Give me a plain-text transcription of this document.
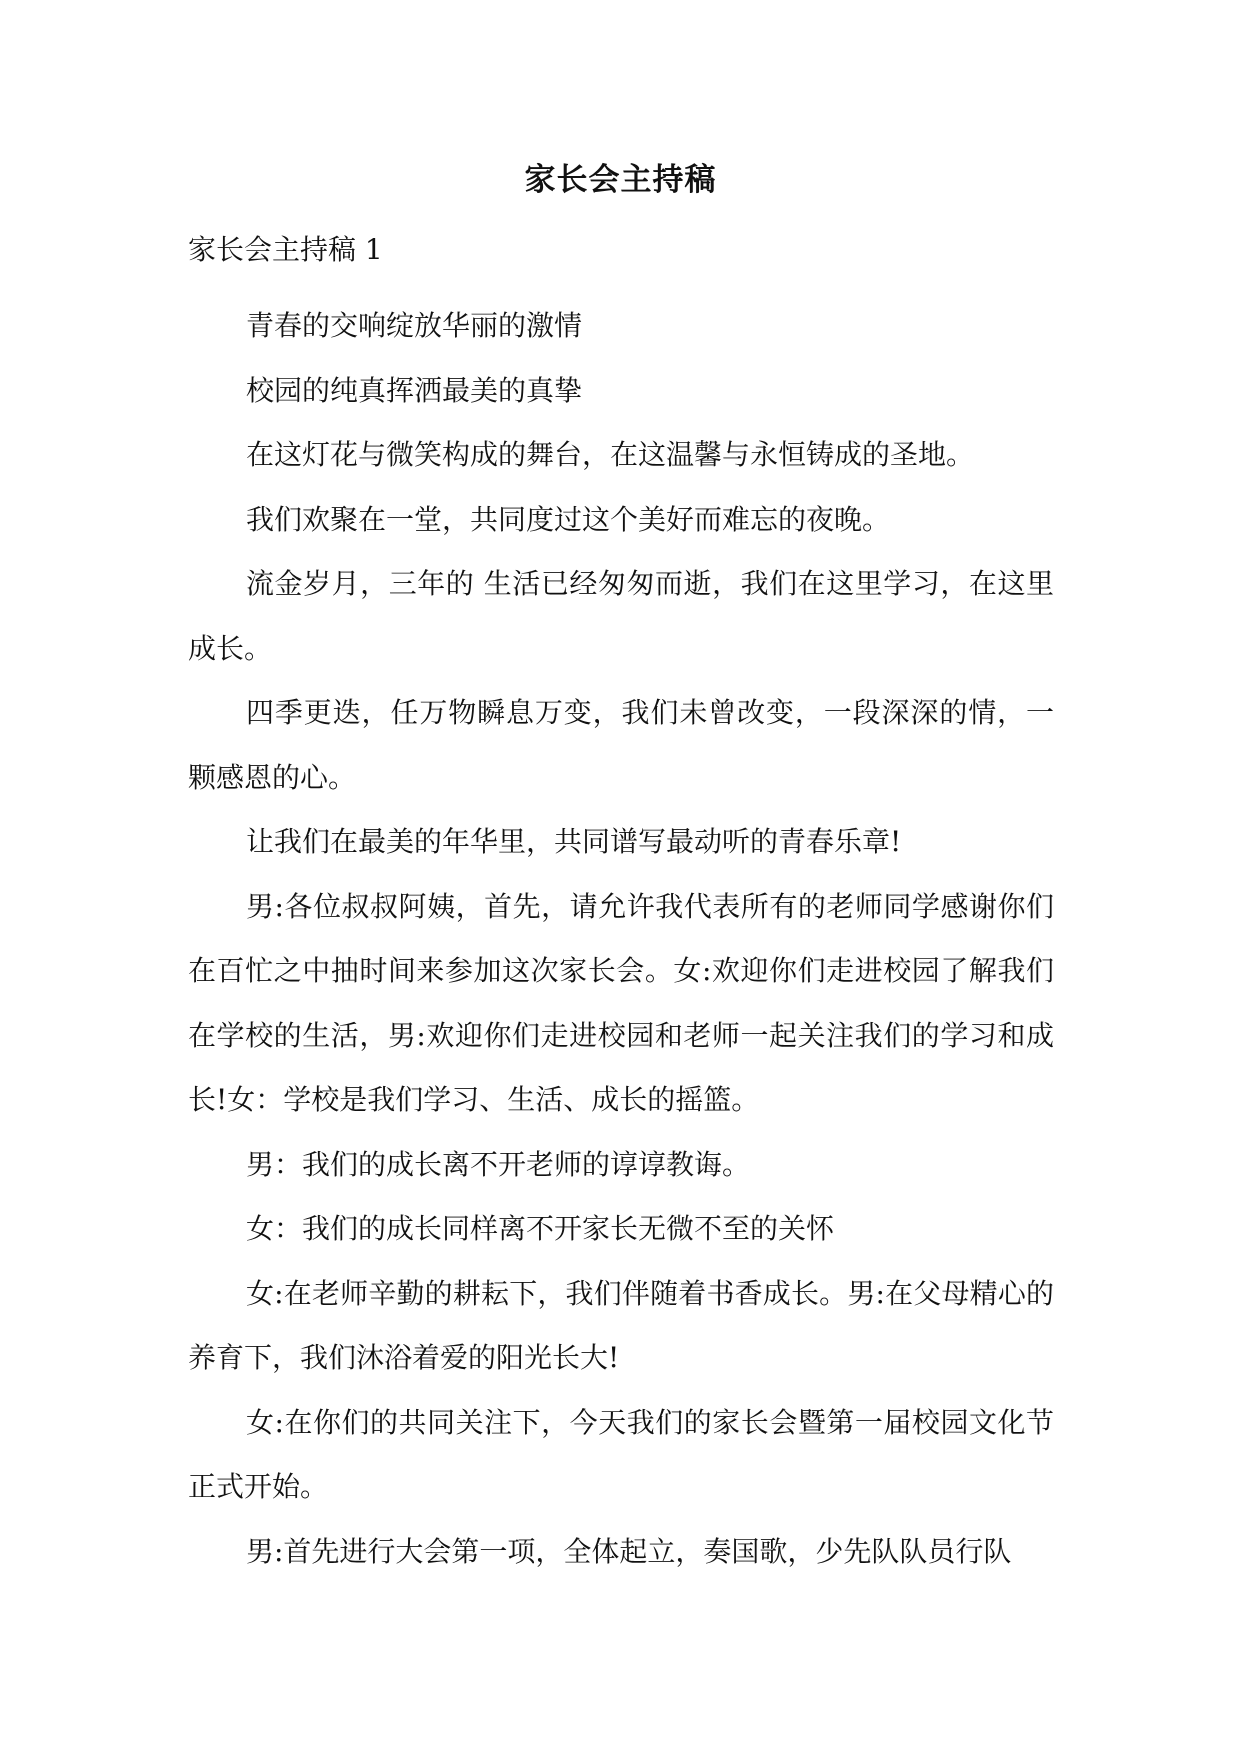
家长会主持稿
家长会主持稿 1

青春的交响绽放华丽的激情

校园的纯真挥洒最美的真挚

在这灯花与微笑构成的舞台，在这温馨与永恒铸成的圣地。

我们欢聚在一堂，共同度过这个美好而难忘的夜晚。

流金岁月，三年的 生活已经匆匆而逝，我们在这里学习，在这里成长。

四季更迭，任万物瞬息万变，我们未曾改变，一段深深的情，一颗感恩的心。

让我们在最美的年华里，共同谱写最动听的青春乐章!

男:各位叔叔阿姨，首先，请允许我代表所有的老师同学感谢你们在百忙之中抽时间来参加这次家长会。女:欢迎你们走进校园了解我们在学校的生活，男:欢迎你们走进校园和老师一起关注我们的学习和成长!女：学校是我们学习、生活、成长的摇篮。

男：我们的成长离不开老师的谆谆教诲。

女：我们的成长同样离不开家长无微不至的关怀

女:在老师辛勤的耕耘下，我们伴随着书香成长。男:在父母精心的养育下，我们沐浴着爱的阳光长大!

女:在你们的共同关注下，今天我们的家长会暨第一届校园文化节正式开始。

男:首先进行大会第一项，全体起立，奏国歌，少先队队员行队
